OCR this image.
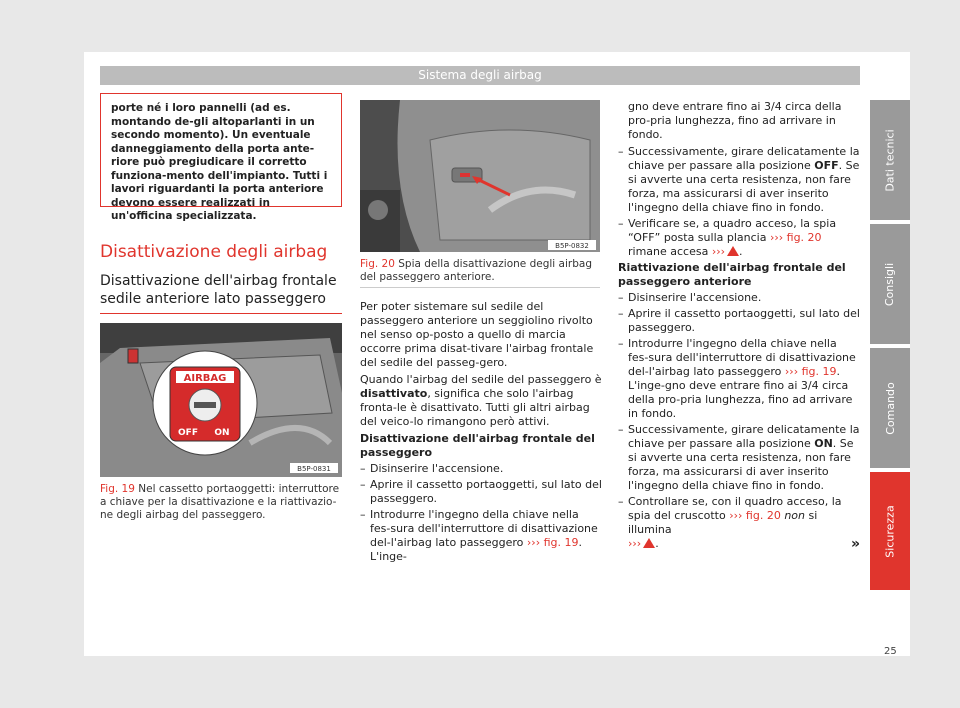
Sistema degli airbag
porte né i loro pannelli (ad es. montando de-gli altoparlanti in un secondo momento). Un eventuale danneggiamento della porta ante-riore può pregiudicare il corretto funziona-mento dell'impianto. Tutti i lavori riguardanti la porta anteriore devono essere realizzati in un'officina specializzata.
Disattivazione degli airbag
Disattivazione dell'airbag frontale sedile anteriore lato passeggero
AIRBAG
OFF ON
B5P-0831
Fig. 19 Nel cassetto portaoggetti: interruttore a chiave per la disattivazione e la riattivazio-ne degli airbag del passeggero.
B5P-0832
Fig. 20 Spia della disattivazione degli airbag del passeggero anteriore.

Per poter sistemare sul sedile del passeggero anteriore un seggiolino rivolto nel senso op-posto a quello di marcia occorre prima disat-tivare l'airbag frontale del sedile del passeg-gero.

Quando l'airbag del sedile del passeggero è disattivato, significa che solo l'airbag fronta-le è disattivato. Tutti gli altri airbag del veico-lo rimangono però attivi.

Disattivazione dell'airbag frontale del passeggero

– Disinserire l'accensione.
– Aprire il cassetto portaoggetti, sul lato del passeggero.
– Introdurre l'ingegno della chiave nella fes-sura dell'interruttore di disattivazione del-l'airbag lato passeggero ››› fig. 19. L'inge-

gno deve entrare fino ai 3/4 circa della pro-pria lunghezza, fino ad arrivare in fondo.

– Successivamente, girare delicatamente la chiave per passare alla posizione OFF. Se si avverte una certa resistenza, non fare forza, ma assicurarsi di aver inserito l'ingegno della chiave fino in fondo.
– Verificare se, a quadro acceso, la spia “OFF” posta sulla plancia ››› fig. 20 rimane accesa ››› .

Riattivazione dell'airbag frontale del passeggero anteriore

– Disinserire l'accensione.
– Aprire il cassetto portaoggetti, sul lato del passeggero.
– Introdurre l'ingegno della chiave nella fes-sura dell'interruttore di disattivazione del-l'airbag lato passeggero ››› fig. 19. L'inge-gno deve entrare fino ai 3/4 circa della pro-pria lunghezza, fino ad arrivare in fondo.
– Successivamente, girare delicatamente la chiave per passare alla posizione ON. Se si avverte una certa resistenza, non fare forza, ma assicurarsi di aver inserito l'ingegno della chiave fino in fondo.
– Controllare se, con il quadro acceso, la spia del cruscotto ››› fig. 20 non si illumina
››› .	»
Dati tecnici
Consigli
Comando
Sicurezza
25
